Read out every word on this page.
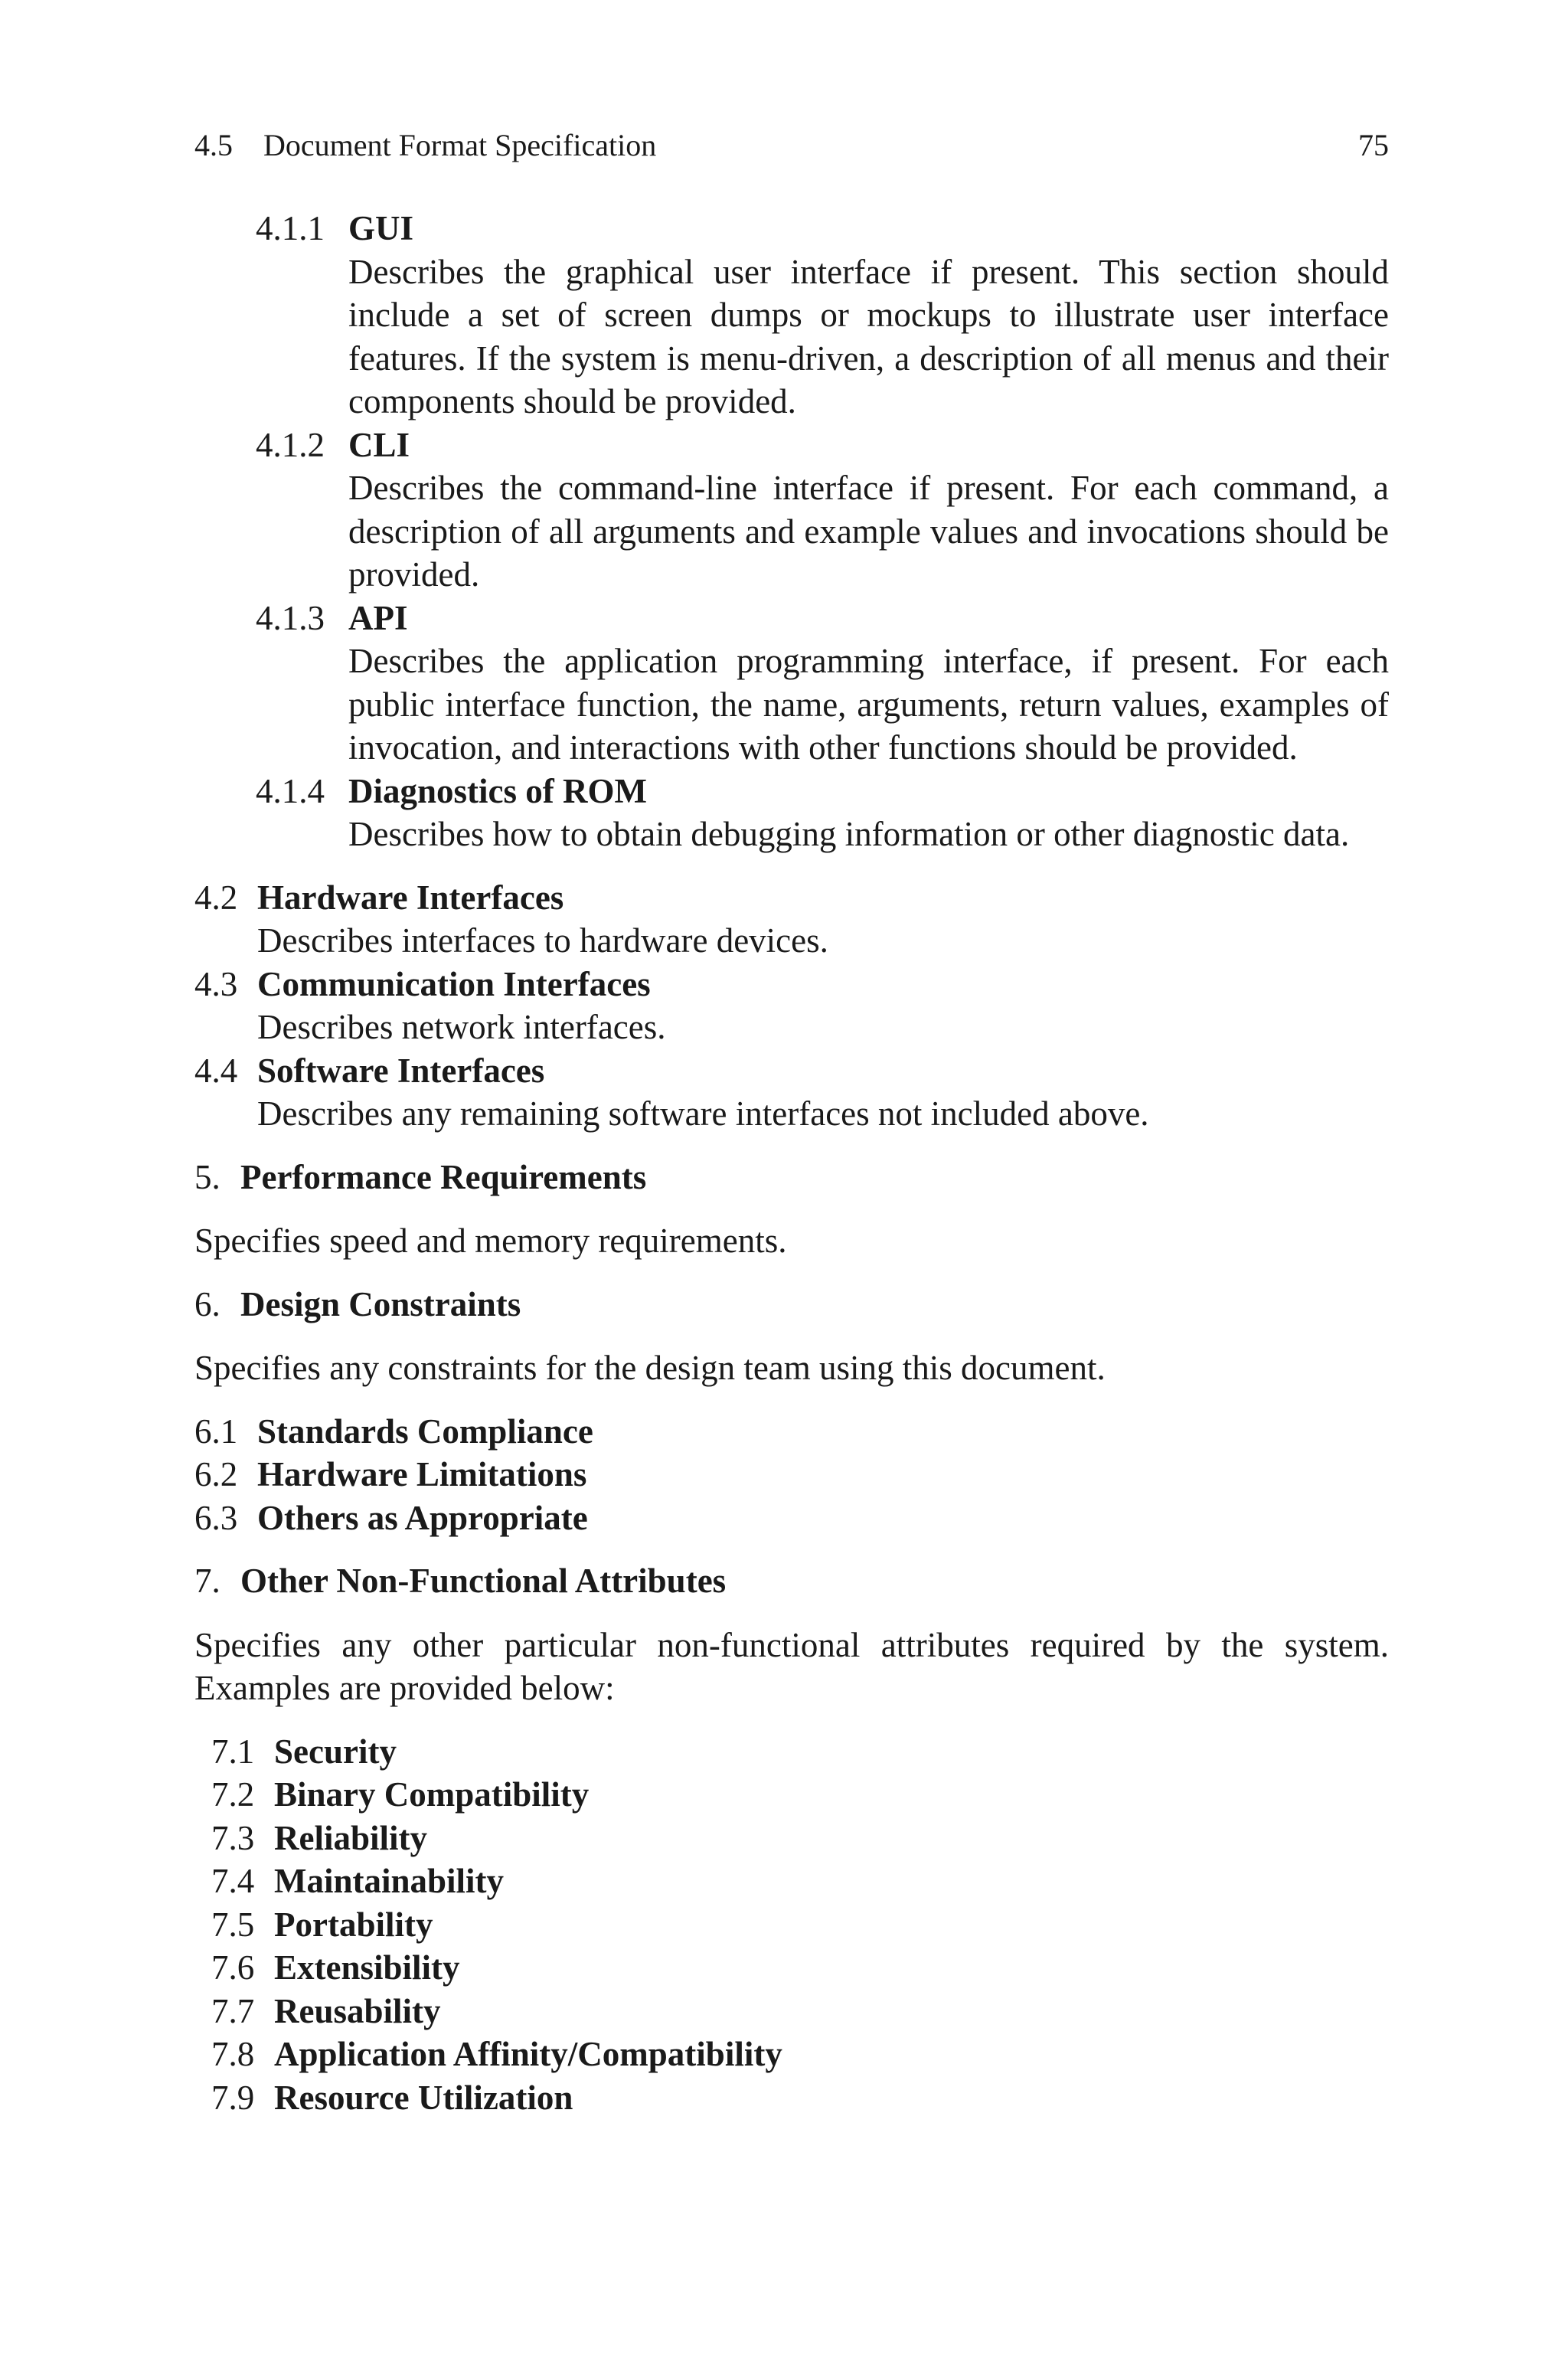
4.5 Document Format Specification	75
4.1.1 GUI
Describes the graphical user interface if present. This section should include a set of screen dumps or mockups to illustrate user interface features. If the system is menu-driven, a description of all menus and their components should be provided.
4.1.2 CLI
Describes the command-line interface if present. For each command, a description of all arguments and example values and invocations should be provided.
4.1.3 API
Describes the application programming interface, if present. For each public interface function, the name, arguments, return values, examples of invocation, and interactions with other functions should be provided.
4.1.4 Diagnostics of ROM
Describes how to obtain debugging information or other diagnostic data.
4.2 Hardware Interfaces
Describes interfaces to hardware devices.
4.3 Communication Interfaces
Describes network interfaces.
4.4 Software Interfaces
Describes any remaining software interfaces not included above.
5. Performance Requirements
Specifies speed and memory requirements.
6. Design Constraints
Specifies any constraints for the design team using this document.
6.1 Standards Compliance
6.2 Hardware Limitations
6.3 Others as Appropriate
7. Other Non-Functional Attributes
Specifies any other particular non-functional attributes required by the system. Examples are provided below:
7.1 Security
7.2 Binary Compatibility
7.3 Reliability
7.4 Maintainability
7.5 Portability
7.6 Extensibility
7.7 Reusability
7.8 Application Affinity/Compatibility
7.9 Resource Utilization
